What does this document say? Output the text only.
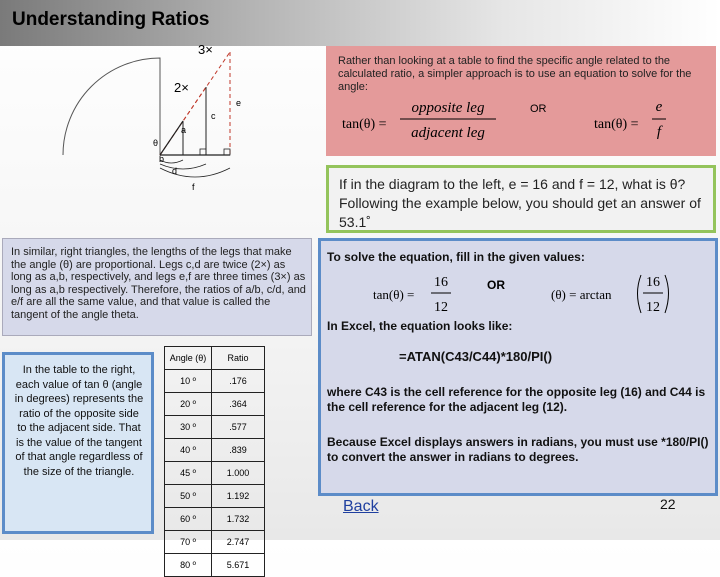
Understanding Ratios
3×
2×
e
c
a
θ
b
d
f
Rather than looking at a table to find the specific angle related to the calculated ratio, a simpler approach is to use an equation to solve for the angle:
tan(θ) =
opposite leg
adjacent leg
OR
tan(θ) =
e
f
If in the diagram to the left, e = 16 and f = 12, what is θ? Following the example below, you should get an answer of 53.1˚
In similar, right triangles, the lengths of the legs that make the angle (θ) are proportional. Legs c,d are twice (2×) as long as a,b, respectively, and legs e,f are three times (3×) as long as a,b respectively. Therefore, the ratios of a/b, c/d, and e/f are all the same value, and that value is called the tangent of the angle theta.
In the table to the right, each value of tan θ (angle in degrees) represents the ratio of the opposite side to the adjacent side. That is the value of the tangent of that angle regardless of the size of the triangle.
Angle (θ)	Ratio
10 º	.176
20 º	.364
30 º	.577
40 º	.839
45 º	1.000
50 º	1.192
60 º	1.732
70 º	2.747
80 º	5.671
To solve the equation, fill in the given values:
tan(θ) =
16
12
OR
(θ) = arctan
16
12
In Excel, the equation looks like:
=ATAN(C43/C44)*180/PI()
where C43 is the cell reference for the opposite leg (16) and C44 is the cell reference for the adjacent leg (12).
Because Excel displays answers in radians, you must use *180/PI() to convert the answer in radians to degrees.
Back	22
